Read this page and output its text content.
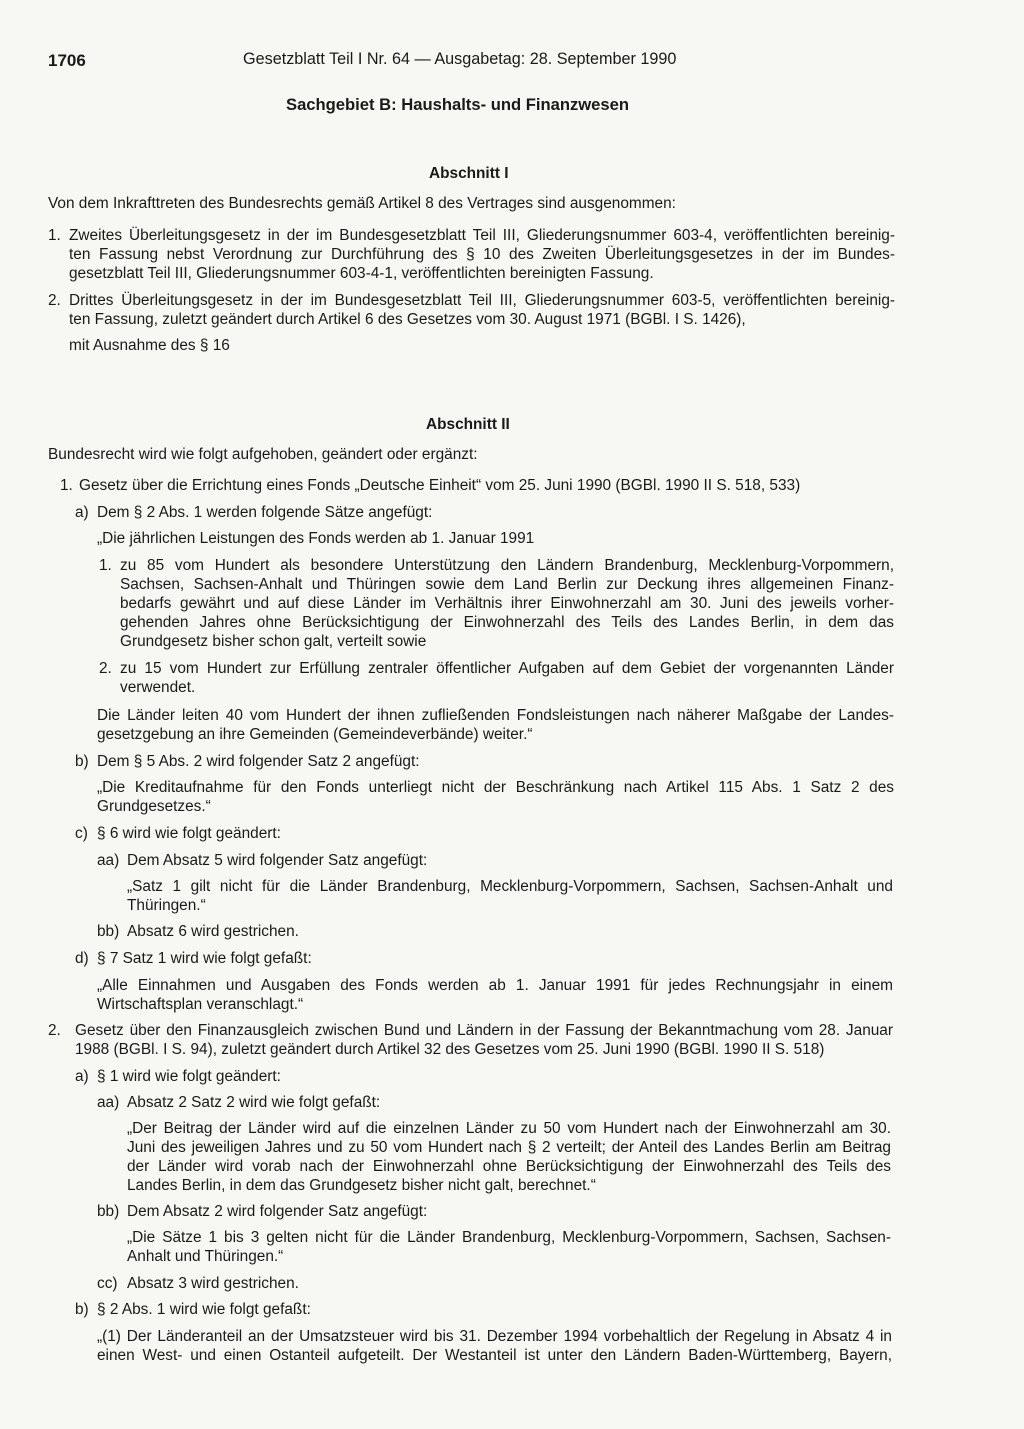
1706	Gesetzblatt Teil I Nr. 64 — Ausgabetag: 28. September 1990

Sachgebiet B: Haushalts- und Finanzwesen

Abschnitt I

Von dem Inkrafttreten des Bundesrechts gemäß Artikel 8 des Vertrages sind ausgenommen:

1. Zweites Überleitungsgesetz in der im Bundesgesetzblatt Teil III, Gliederungsnummer 603-4, veröffentlichten bereinig-

ten Fassung nebst Verordnung zur Durchführung des § 10 des Zweiten Überleitungsgesetzes in der im Bundes-

gesetzblatt Teil III, Gliederungsnummer 603-4-1, veröffentlichten bereinigten Fassung.

2. Drittes Überleitungsgesetz in der im Bundesgesetzblatt Teil III, Gliederungsnummer 603-5, veröffentlichten bereinig-

ten Fassung, zuletzt geändert durch Artikel 6 des Gesetzes vom 30. August 1971 (BGBl. I S. 1426),

mit Ausnahme des § 16

Abschnitt II

Bundesrecht wird wie folgt aufgehoben, geändert oder ergänzt:

1. Gesetz über die Errichtung eines Fonds „Deutsche Einheit“ vom 25. Juni 1990 (BGBl. 1990 II S. 518, 533)

a) Dem § 2 Abs. 1 werden folgende Sätze angefügt:

„Die jährlichen Leistungen des Fonds werden ab 1. Januar 1991

1. zu 85 vom Hundert als besondere Unterstützung den Ländern Brandenburg, Mecklenburg-Vorpommern,

Sachsen, Sachsen-Anhalt und Thüringen sowie dem Land Berlin zur Deckung ihres allgemeinen Finanz-

bedarfs gewährt und auf diese Länder im Verhältnis ihrer Einwohnerzahl am 30. Juni des jeweils vorher-

gehenden Jahres ohne Berücksichtigung der Einwohnerzahl des Teils des Landes Berlin, in dem das

Grundgesetz bisher schon galt, verteilt sowie

2. zu 15 vom Hundert zur Erfüllung zentraler öffentlicher Aufgaben auf dem Gebiet der vorgenannten Länder

verwendet.

Die Länder leiten 40 vom Hundert der ihnen zufließenden Fondsleistungen nach näherer Maßgabe der Landes-

gesetzgebung an ihre Gemeinden (Gemeindeverbände) weiter.“

b) Dem § 5 Abs. 2 wird folgender Satz 2 angefügt:

„Die Kreditaufnahme für den Fonds unterliegt nicht der Beschränkung nach Artikel 115 Abs. 1 Satz 2 des

Grundgesetzes.“

c) § 6 wird wie folgt geändert:

aa) Dem Absatz 5 wird folgender Satz angefügt:

„Satz 1 gilt nicht für die Länder Brandenburg, Mecklenburg-Vorpommern, Sachsen, Sachsen-Anhalt und

Thüringen.“

bb) Absatz 6 wird gestrichen.

d) § 7 Satz 1 wird wie folgt gefaßt:

„Alle Einnahmen und Ausgaben des Fonds werden ab 1. Januar 1991 für jedes Rechnungsjahr in einem

Wirtschaftsplan veranschlagt.“

2. Gesetz über den Finanzausgleich zwischen Bund und Ländern in der Fassung der Bekanntmachung vom 28. Januar

1988 (BGBl. I S. 94), zuletzt geändert durch Artikel 32 des Gesetzes vom 25. Juni 1990 (BGBl. 1990 II S. 518)

a) § 1 wird wie folgt geändert:

aa) Absatz 2 Satz 2 wird wie folgt gefaßt:

„Der Beitrag der Länder wird auf die einzelnen Länder zu 50 vom Hundert nach der Einwohnerzahl am 30.

Juni des jeweiligen Jahres und zu 50 vom Hundert nach § 2 verteilt; der Anteil des Landes Berlin am Beitrag

der Länder wird vorab nach der Einwohnerzahl ohne Berücksichtigung der Einwohnerzahl des Teils des

Landes Berlin, in dem das Grundgesetz bisher nicht galt, berechnet.“

bb) Dem Absatz 2 wird folgender Satz angefügt:

„Die Sätze 1 bis 3 gelten nicht für die Länder Brandenburg, Mecklenburg-Vorpommern, Sachsen, Sachsen-

Anhalt und Thüringen.“

cc) Absatz 3 wird gestrichen.

b) § 2 Abs. 1 wird wie folgt gefaßt:

„(1) Der Länderanteil an der Umsatzsteuer wird bis 31. Dezember 1994 vorbehaltlich der Regelung in Absatz 4 in

einen West- und einen Ostanteil aufgeteilt. Der Westanteil ist unter den Ländern Baden-Württemberg, Bayern,
